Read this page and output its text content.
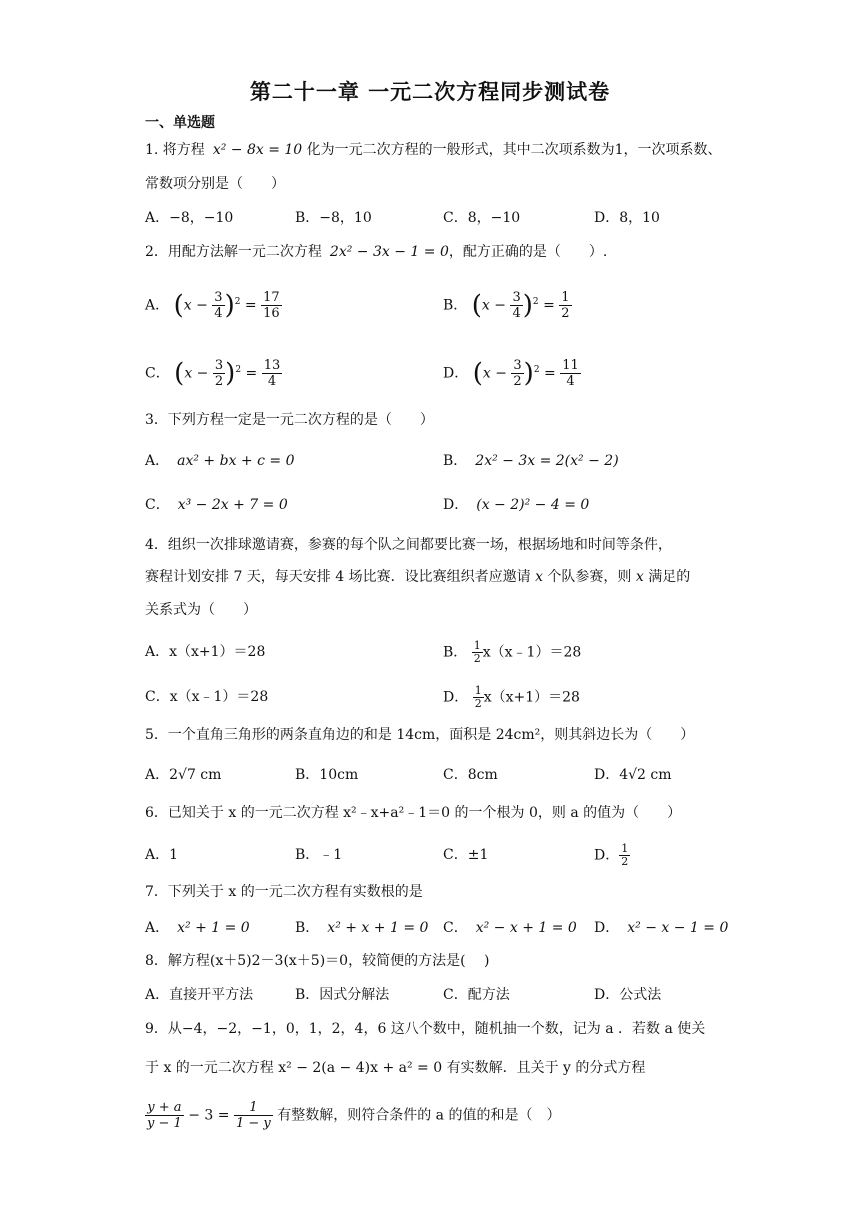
第二十一章 一元二次方程同步测试卷
一、单选题
1. 将方程 x² − 8x = 10 化为一元二次方程的一般形式，其中二次项系数为1，一次项系数、
常数项分别是（　　）
A．−8，−10	B．−8，10	C．8，−10	D．8，10
2．用配方法解一元二次方程 2x² − 3x − 1 = 0，配方正确的是（　　）.
A． $(x - \frac{3}{4} )^2 = \frac{17}{16}$	B． $(x - \frac{3}{4} )^2 = \frac{1}{2}$
C． $(x - \frac{3}{2} )^2 = \frac{13}{4}$	D． $(x - \frac{3}{2} )^2 = \frac{11}{4}$
3．下列方程一定是一元二次方程的是（　　）
A． ax² + bx + c = 0	B． 2x² − 3x = 2(x² − 2)
C． x³ − 2x + 7 = 0	D． (x − 2)² − 4 = 0
4．组织一次排球邀请赛，参赛的每个队之间都要比赛一场，根据场地和时间等条件，
赛程计划安排 7 天，每天安排 4 场比赛．设比赛组织者应邀请 x 个队参赛，则 x 满足的
关系式为（　　）
A．x（x+1）＝28	B． $\frac{1}{2}$ x（x﹣1）＝28
C．x（x﹣1）＝28	D． $\frac{1}{2} x(x+1)=28$
5．一个直角三角形的两条直角边的和是 14cm，面积是 24cm²，则其斜边长为（　　）
A．2√7 cm	B．10cm	C．8cm	D．4√2 cm
6．已知关于 x 的一元二次方程 x²﹣x+a²﹣1＝0 的一个根为 0，则 a 的值为（　　）
A．1	B．﹣1	C．±1	D． $\frac{1}{2}$
7．下列关于 x 的一元二次方程有实数根的是
A． x² + 1 = 0	B． x² + x + 1 = 0 C． x² − x + 1 = 0 D． x² − x − 1 = 0
8．解方程(x＋5)2－3(x＋5)＝0，较简便的方法是(　 )
A．直接开平方法	B．因式分解法	C．配方法	D．公式法
9．从−4，−2，−1，0，1，2，4，6 这八个数中，随机抽一个数，记为 a ．若数 a 使关
于 x 的一元二次方程 x² − 2(a − 4)x + a² = 0 有实数解．且关于 y 的分式方程
$\frac{y + a}{y - 1} - 3 = \frac{1}{1 - y}$ 有整数解，则符合条件的 a 的值的和是（　）
